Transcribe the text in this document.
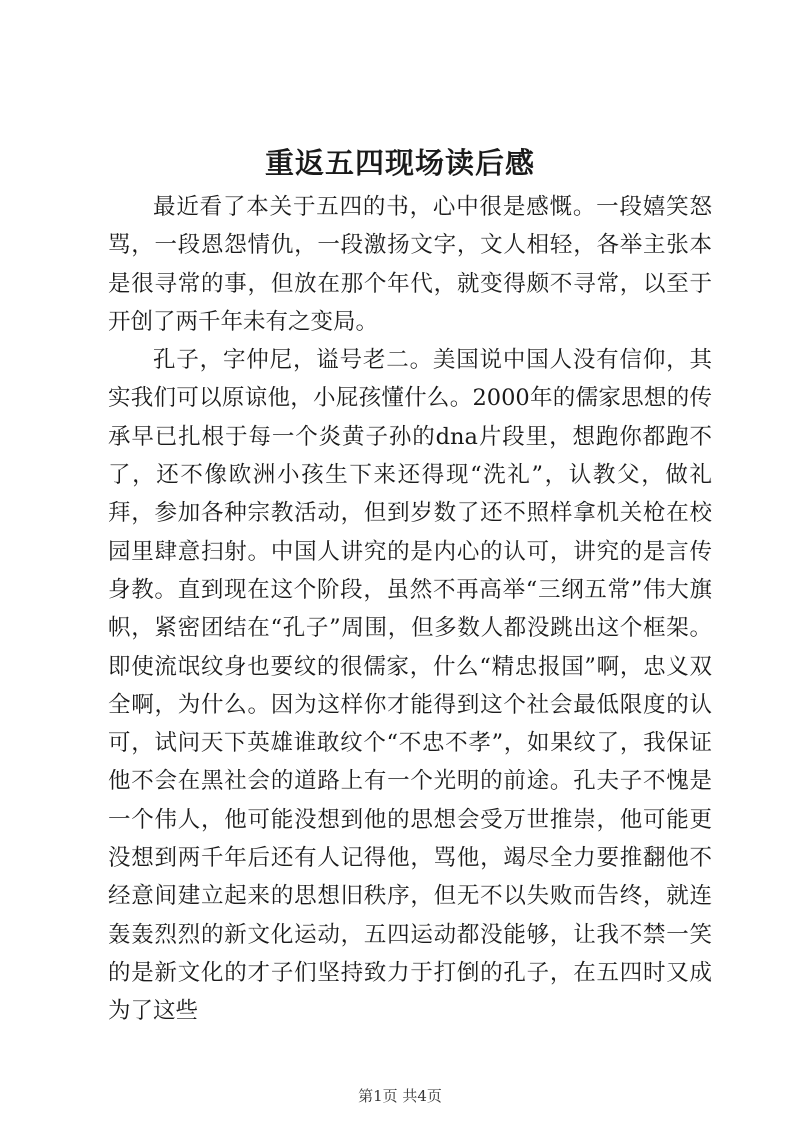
重返五四现场读后感

最近看了本关于五四的书，心中很是感慨。一段嬉笑怒骂，一段恩怨情仇，一段激扬文字，文人相轻，各举主张本是很寻常的事，但放在那个年代，就变得颇不寻常，以至于开创了两千年未有之变局。

孔子，字仲尼，谥号老二。美国说中国人没有信仰，其实我们可以原谅他，小屁孩懂什么。2000年的儒家思想的传承早已扎根于每一个炎黄子孙的dna片段里，想跑你都跑不了，还不像欧洲小孩生下来还得现“洗礼”，认教父，做礼拜，参加各种宗教活动，但到岁数了还不照样拿机关枪在校园里肆意扫射。中国人讲究的是内心的认可，讲究的是言传身教。直到现在这个阶段，虽然不再高举“三纲五常”伟大旗帜，紧密团结在“孔子”周围，但多数人都没跳出这个框架。即使流氓纹身也要纹的很儒家，什么“精忠报国”啊，忠义双全啊，为什么。因为这样你才能得到这个社会最低限度的认可，试问天下英雄谁敢纹个“不忠不孝”，如果纹了，我保证他不会在黑社会的道路上有一个光明的前途。孔夫子不愧是一个伟人，他可能没想到他的思想会受万世推崇，他可能更没想到两千年后还有人记得他，骂他，竭尽全力要推翻他不经意间建立起来的思想旧秩序，但无不以失败而告终，就连轰轰烈烈的新文化运动，五四运动都没能够，让我不禁一笑的是新文化的才子们坚持致力于打倒的孔子，在五四时又成为了这些

第1页 共4页
